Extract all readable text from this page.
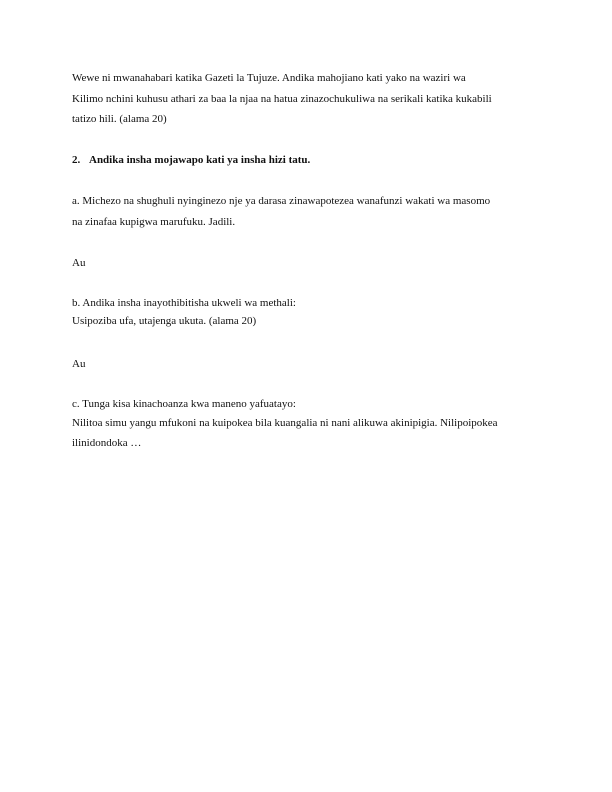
Wewe ni mwanahabari katika Gazeti la Tujuze. Andika mahojiano kati yako na waziri wa
Kilimo nchini kuhusu athari za baa la njaa na hatua zinazochukuliwa na serikali katika kukabili
tatizo hili. (alama 20)
2. Andika insha mojawapo kati ya insha hizi tatu.
a. Michezo na shughuli nyinginezo nje ya darasa zinawapotezea wanafunzi wakati wa masomo
na zinafaa kupigwa marufuku. Jadili.
Au
b. Andika insha inayothibitisha ukweli wa methali:
Usipoziba ufa, utajenga ukuta. (alama 20)
Au
c. Tunga kisa kinachoanza kwa maneno yafuatayo:
Nilitoa simu yangu mfukoni na kuipokea bila kuangalia ni nani alikuwa akinipigia. Nilipoipokea
ilinidondoka …
